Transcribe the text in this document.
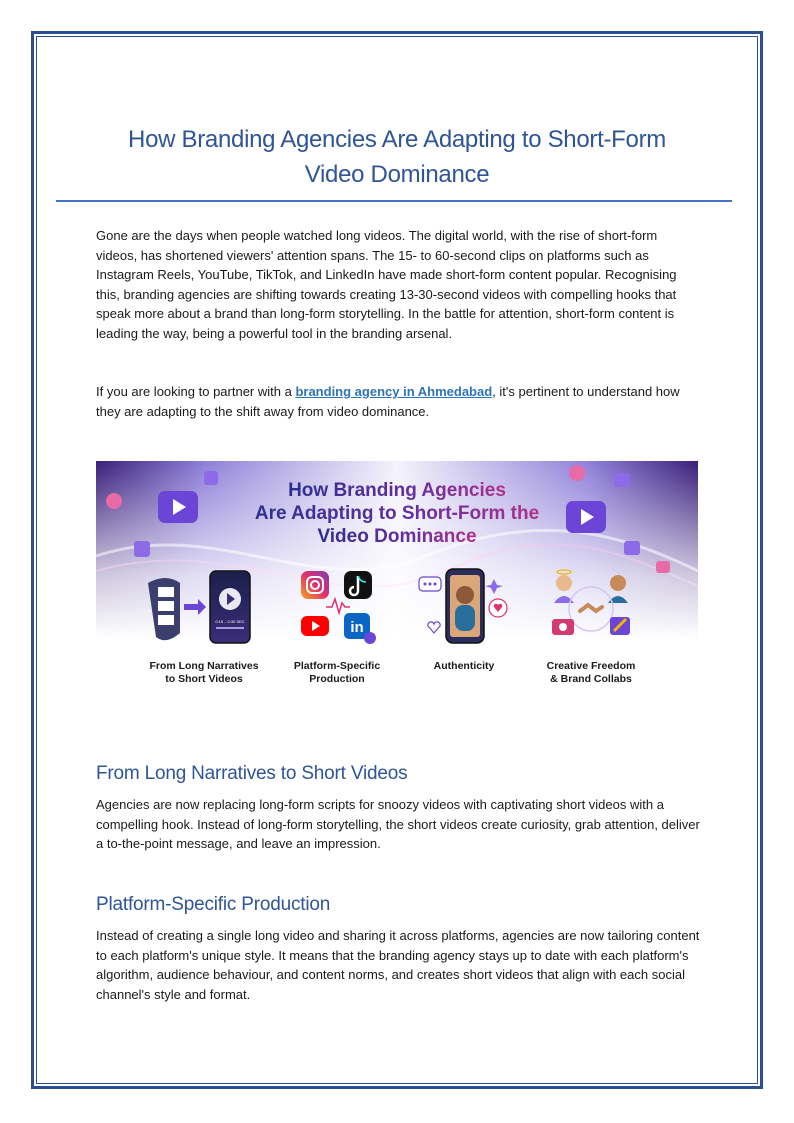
How Branding Agencies Are Adapting to Short-Form Video Dominance

Gone are the days when people watched long videos. The digital world, with the rise of short-form videos, has shortened viewers' attention spans. The 15- to 60-second clips on platforms such as Instagram Reels, YouTube, TikTok, and LinkedIn have made short-form content popular. Recognising this, branding agencies are shifting towards creating 13-30-second videos with compelling hooks that speak more about a brand than long-form storytelling. In the battle for attention, short-form content is leading the way, being a powerful tool in the branding arsenal.

If you are looking to partner with a branding agency in Ahmedabad, it's pertinent to understand how they are adapting to the shift away from video dominance.

How Branding Agencies
Are Adapting to Short-Form the
Video Dominance
0:15 – 0:30 SEC	in
From Long Narratives
to Short Videos
Platform-Specific
Production
Authenticity	Creative Freedom
& Brand Collabs
From Long Narratives to Short Videos

Agencies are now replacing long-form scripts for snoozy videos with captivating short videos with a compelling hook. Instead of long-form storytelling, the short videos create curiosity, grab attention, deliver a to-the-point message, and leave an impression.

Platform-Specific Production

Instead of creating a single long video and sharing it across platforms, agencies are now tailoring content to each platform's unique style. It means that the branding agency stays up to date with each platform's algorithm, audience behaviour, and content norms, and creates short videos that align with each social channel's style and format.
